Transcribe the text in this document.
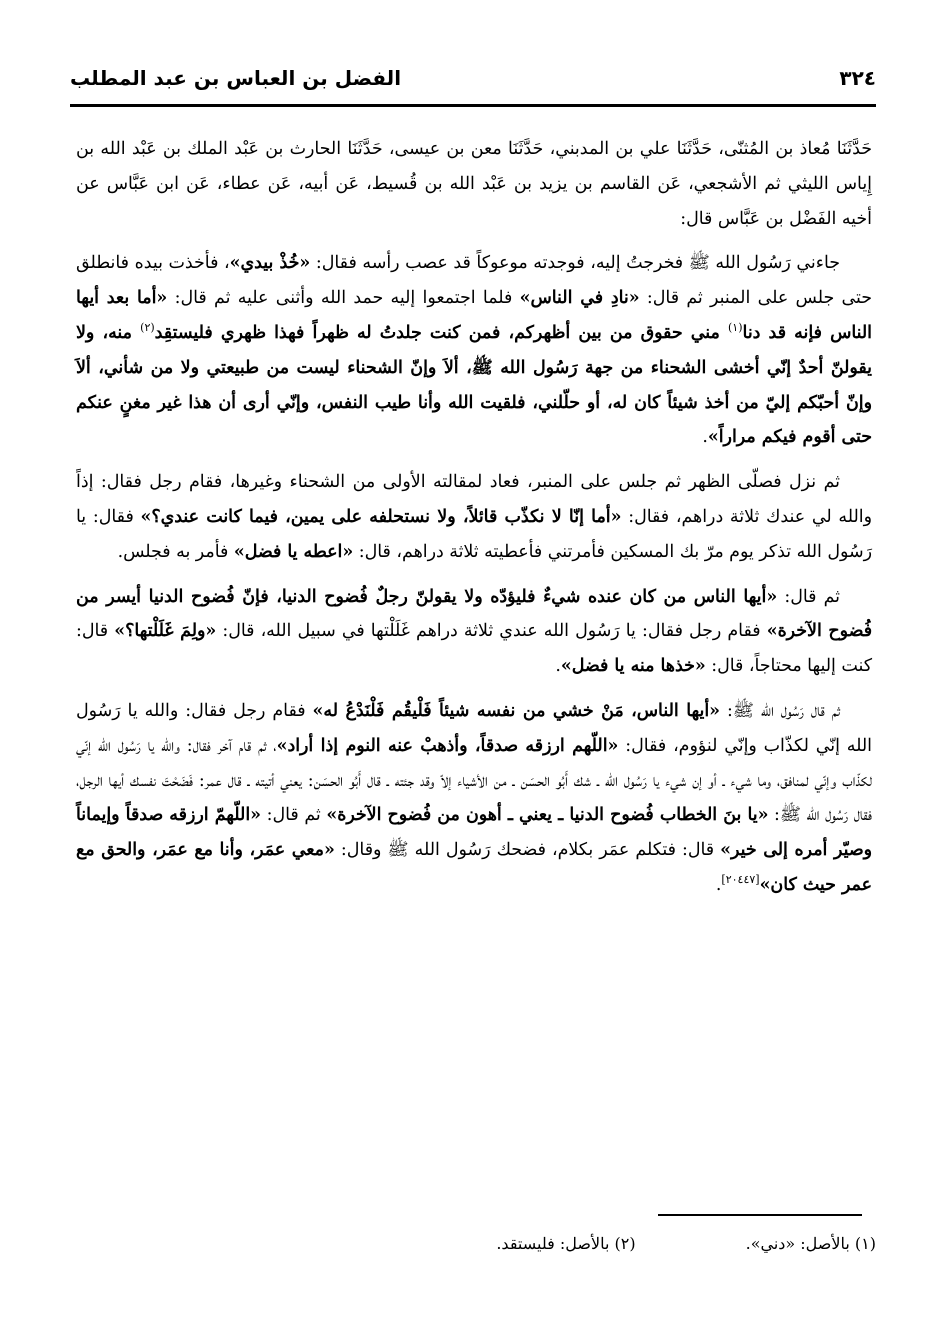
٣٢٤
الفضل بن العباس بن عبد المطلب

حَدَّثَنَا مُعاذ بن المُثنّى، حَدَّثَنَا علي بن المدبني، حَدَّثَنَا معن بن عيسى، حَدَّثَنَا الحارث بن عَبْد الملك بن عَبْد الله بن إِياس الليثي ثم الأشجعي، عَن القاسم بن يزيد بن عَبْد الله بن قُسيط، عَن أبيه، عَن عطاء، عَن ابن عَبَّاس عن أخيه الفَضْل بن عَبَّاس قال:

جاءني رَسُول الله ﷺ فخرجتُ إليه، فوجدته موعوكاً قد عصب رأسه فقال: «خُذْ بيدي»، فأخذت بيده فانطلق حتى جلس على المنبر ثم قال: «نادِ في الناس» فلما اجتمعوا إليه حمد الله وأثنى عليه ثم قال: «أما بعد أيها الناس فإنه قد دنا$^{(١)}$ مني حقوق من بين أظهركم، فمن كنت جلدتُ له ظهراً فهذا ظهري فليستقِد$^{(٢)}$ منه، ولا يقولنّ أحدٌ إنّي أخشى الشحناء من جهة رَسُول الله ﷺ، ألاَ وإنّ الشحناء ليست من طبيعتي ولا من شأني، ألاَ وإنّ أحبّكم إليّ من أخذ شيئاً كان له، أو حلّلني، فلقيت الله وأنا طيب النفس، وإنّي أرى أن هذا غير مغنٍ عنكم حتى أقوم فيكم مراراً».

ثم نزل فصلّى الظهر ثم جلس على المنبر، فعاد لمقالته الأولى من الشحناء وغيرها، فقام رجل فقال: إذاً والله لي عندك ثلاثة دراهم، فقال: «أما إنّا لا نكذّب قائلاً، ولا نستحلفه على يمين، فيما كانت عندي؟» فقال: يا رَسُول الله تذكر يوم مرّ بك المسكين فأمرتني فأعطيته ثلاثة دراهم، قال: «اعطه يا فضل» فأمر به فجلس.

ثم قال: «أيها الناس من كان عنده شيءٌ فليؤدّه ولا يقولنّ رجلٌ فُضوح الدنيا، فإنّ فُضوح الدنيا أيسر من فُضوح الآخرة» فقام رجل فقال: يا رَسُول الله عندي ثلاثة دراهم غَلَلْتها في سبيل الله، قال: «ولِمَ غَلَلْتها؟» قال: كنت إليها محتاجاً، قال: «خذها منه يا فضل».

ثم قال رَسُول الله ﷺ: «أيها الناس، مَنْ خشي من نفسه شيئاً فَلْيقُم فَلْنَدْعُ له» فقام رجل فقال: والله يا رَسُول الله إنّي لكذّاب وإنّي لنؤوم، فقال: «اللّهم ارزقه صدقاً، وأذهبْ عنه النوم إذا أراد»، ثم قام آخر فقال: والله يا رَسُول الله إنّي لكذّاب وإنّي لمنافق، وما شيء ـ أو إن شيء يا رَسُول الله ـ شك أَبُو الحسَن ـ من الأشياء إلاّ وقد جئته ـ قال أَبُو الحسَن: يعني أتيته ـ قال عمر: فَضَحْتَ نفسك أيها الرجل، فقال رَسُول الله ﷺ: «يا بنَ الخطاب فُضوح الدنيا ـ يعني ـ أهون من فُضوح الآخرة» ثم قال: «اللّهمّ ارزقه صدقاً وإيماناً وصيّر أمره إلى خير» قال: فتكلم عمَر بكلام، فضحك رَسُول الله ﷺ وقال: «معي عمَر، وأنا مع عمَر، والحق مع عمر حيث كان»[٢٠٤٤٧].

(١) بالأصل: «دني».
(٢) بالأصل: فليستقد.
